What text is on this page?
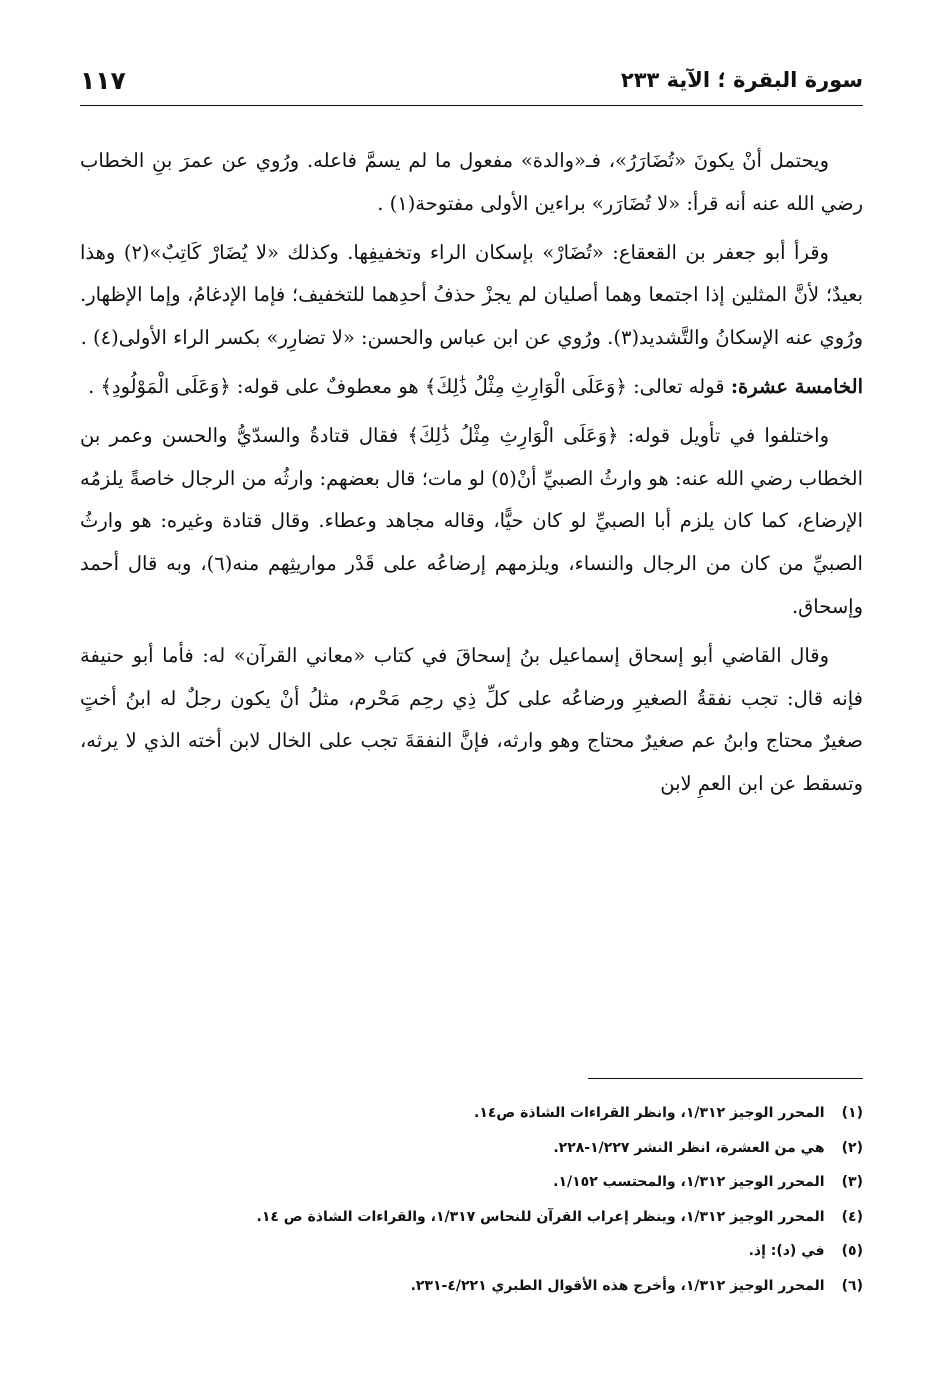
سورة البقرة ؛ الآية ٢٣٣
١١٧

ويحتمل أنْ يكونَ «تُضَارَرُ»، فـ«والدة» مفعول ما لم يسمَّ فاعله. ورُوي عن عمرَ بنِ الخطاب رضي الله عنه أنه قرأ: «لا تُضَارَر» براءين الأولى مفتوحة(١) .

وقرأ أبو جعفر بن القعقاع: «تُضَارْ» بإسكان الراء وتخفيفِها. وكذلك «لا يُضَارْ كَاتِبٌ»(٢) وهذا بعيدٌ؛ لأنَّ المثلين إذا اجتمعا وهما أصليان لم يجزْ حذفُ أحدِهما للتخفيف؛ فإما الإدغامُ، وإما الإظهار. ورُوي عنه الإسكانُ والتَّشديد(٣). ورُوي عن ابن عباس والحسن: «لا تضارِر» بكسر الراء الأولى(٤) .

الخامسة عشرة: قوله تعالى: ﴿وَعَلَى الْوَارِثِ مِثْلُ ذَٰلِكَ﴾ هو معطوفٌ على قوله: ﴿وَعَلَى الْمَوْلُودِ﴾ .

واختلفوا في تأويل قوله: ﴿وَعَلَى الْوَارِثِ مِثْلُ ذَٰلِكَ﴾ فقال قتادةُ والسدّيُّ والحسن وعمر بن الخطاب رضي الله عنه: هو وارثُ الصبيِّ أنْ(٥) لو مات؛ قال بعضهم: وارثُه من الرجال خاصةً يلزمُه الإرضاع، كما كان يلزم أبا الصبيِّ لو كان حيًّا، وقاله مجاهد وعطاء. وقال قتادة وغيره: هو وارثُ الصبيِّ من كان من الرجال والنساء، ويلزمهم إرضاعُه على قَدْر مواريثِهم منه(٦)، وبه قال أحمد وإسحاق.

وقال القاضي أبو إسحاق إسماعيل بنُ إسحاقَ في كتاب «معاني القرآن» له: فأما أبو حنيفة فإنه قال: تجب نفقةُ الصغيرِ ورضاعُه على كلِّ ذِي رحِم مَحْرم، مثلُ أنْ يكون رجلٌ له ابنُ أختٍ صغيرٌ محتاج وابنُ عم صغيرٌ محتاج وهو وارثه، فإنَّ النفقةَ تجب على الخال لابن أخته الذي لا يرثه، وتسقط عن ابن العمِ لابن

(١) المحرر الوجيز ١/٣١٢، وانظر القراءات الشاذة ص١٤.
(٢) هي من العشرة، انظر النشر ١/٢٢٧-٢٢٨.
(٣) المحرر الوجيز ١/٣١٢، والمحتسب ١/١٥٢.
(٤) المحرر الوجيز ١/٣١٢، وينظر إعراب القرآن للنحاس ١/٣١٧، والقراءات الشاذة ص ١٤.
(٥) في (د): إذ.
(٦) المحرر الوجيز ١/٣١٢، وأخرج هذه الأقوال الطبري ٤/٢٢١-٢٣١.
